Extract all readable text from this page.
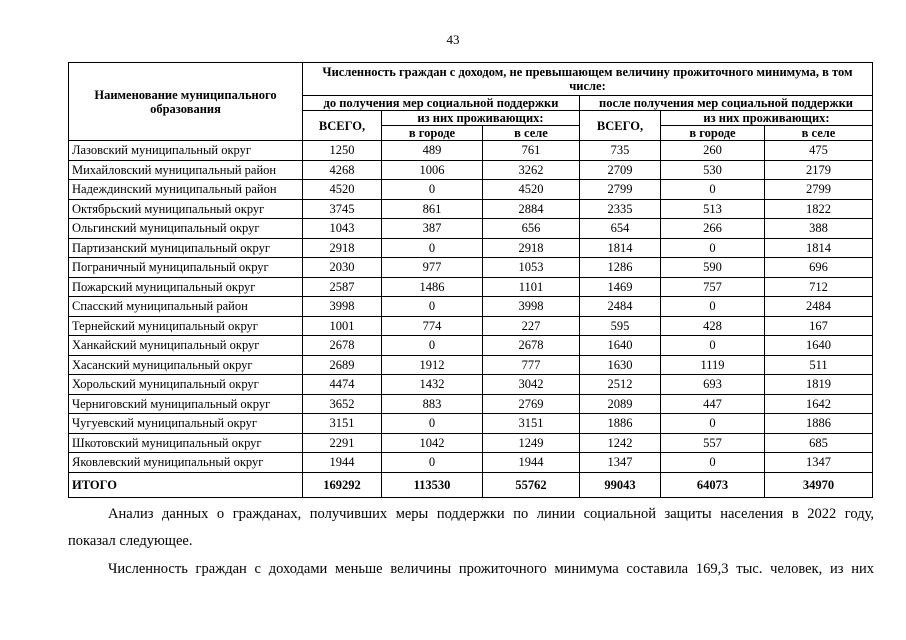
43
Наименование муниципального образования	Численность граждан с доходом, не превышающем величину прожиточного минимума, в том числе:					
	до получения мер социальной поддержки			после получения мер социальной поддержки		
	ВСЕГО,	из них проживающих:		ВСЕГО,	из них проживающих:	
		в городе	в селе		в городе	в селе
Лазовский муниципальный округ	1250	489	761	735	260	475
Михайловский муниципальный район	4268	1006	3262	2709	530	2179
Надеждинский муниципальный район	4520	0	4520	2799	0	2799
Октябрьский муниципальный округ	3745	861	2884	2335	513	1822
Ольгинский муниципальный округ	1043	387	656	654	266	388
Партизанский муниципальный округ	2918	0	2918	1814	0	1814
Пограничный муниципальный округ	2030	977	1053	1286	590	696
Пожарский муниципальный округ	2587	1486	1101	1469	757	712
Спасский муниципальный район	3998	0	3998	2484	0	2484
Тернейский муниципальный округ	1001	774	227	595	428	167
Ханкайский муниципальный округ	2678	0	2678	1640	0	1640
Хасанский муниципальный округ	2689	1912	777	1630	1119	511
Хорольский муниципальный округ	4474	1432	3042	2512	693	1819
Черниговский муниципальный округ	3652	883	2769	2089	447	1642
Чугуевский муниципальный округ	3151	0	3151	1886	0	1886
Шкотовский муниципальный округ	2291	1042	1249	1242	557	685
Яковлевский муниципальный округ	1944	0	1944	1347	0	1347
ИТОГО	169292	113530	55762	99043	64073	34970
Анализ данных о гражданах, получивших меры поддержки по линии социальной защиты населения в 2022 году,
показал следующее.
Численность граждан с доходами меньше величины прожиточного минимума составила 169,3 тыс. человек, из них
